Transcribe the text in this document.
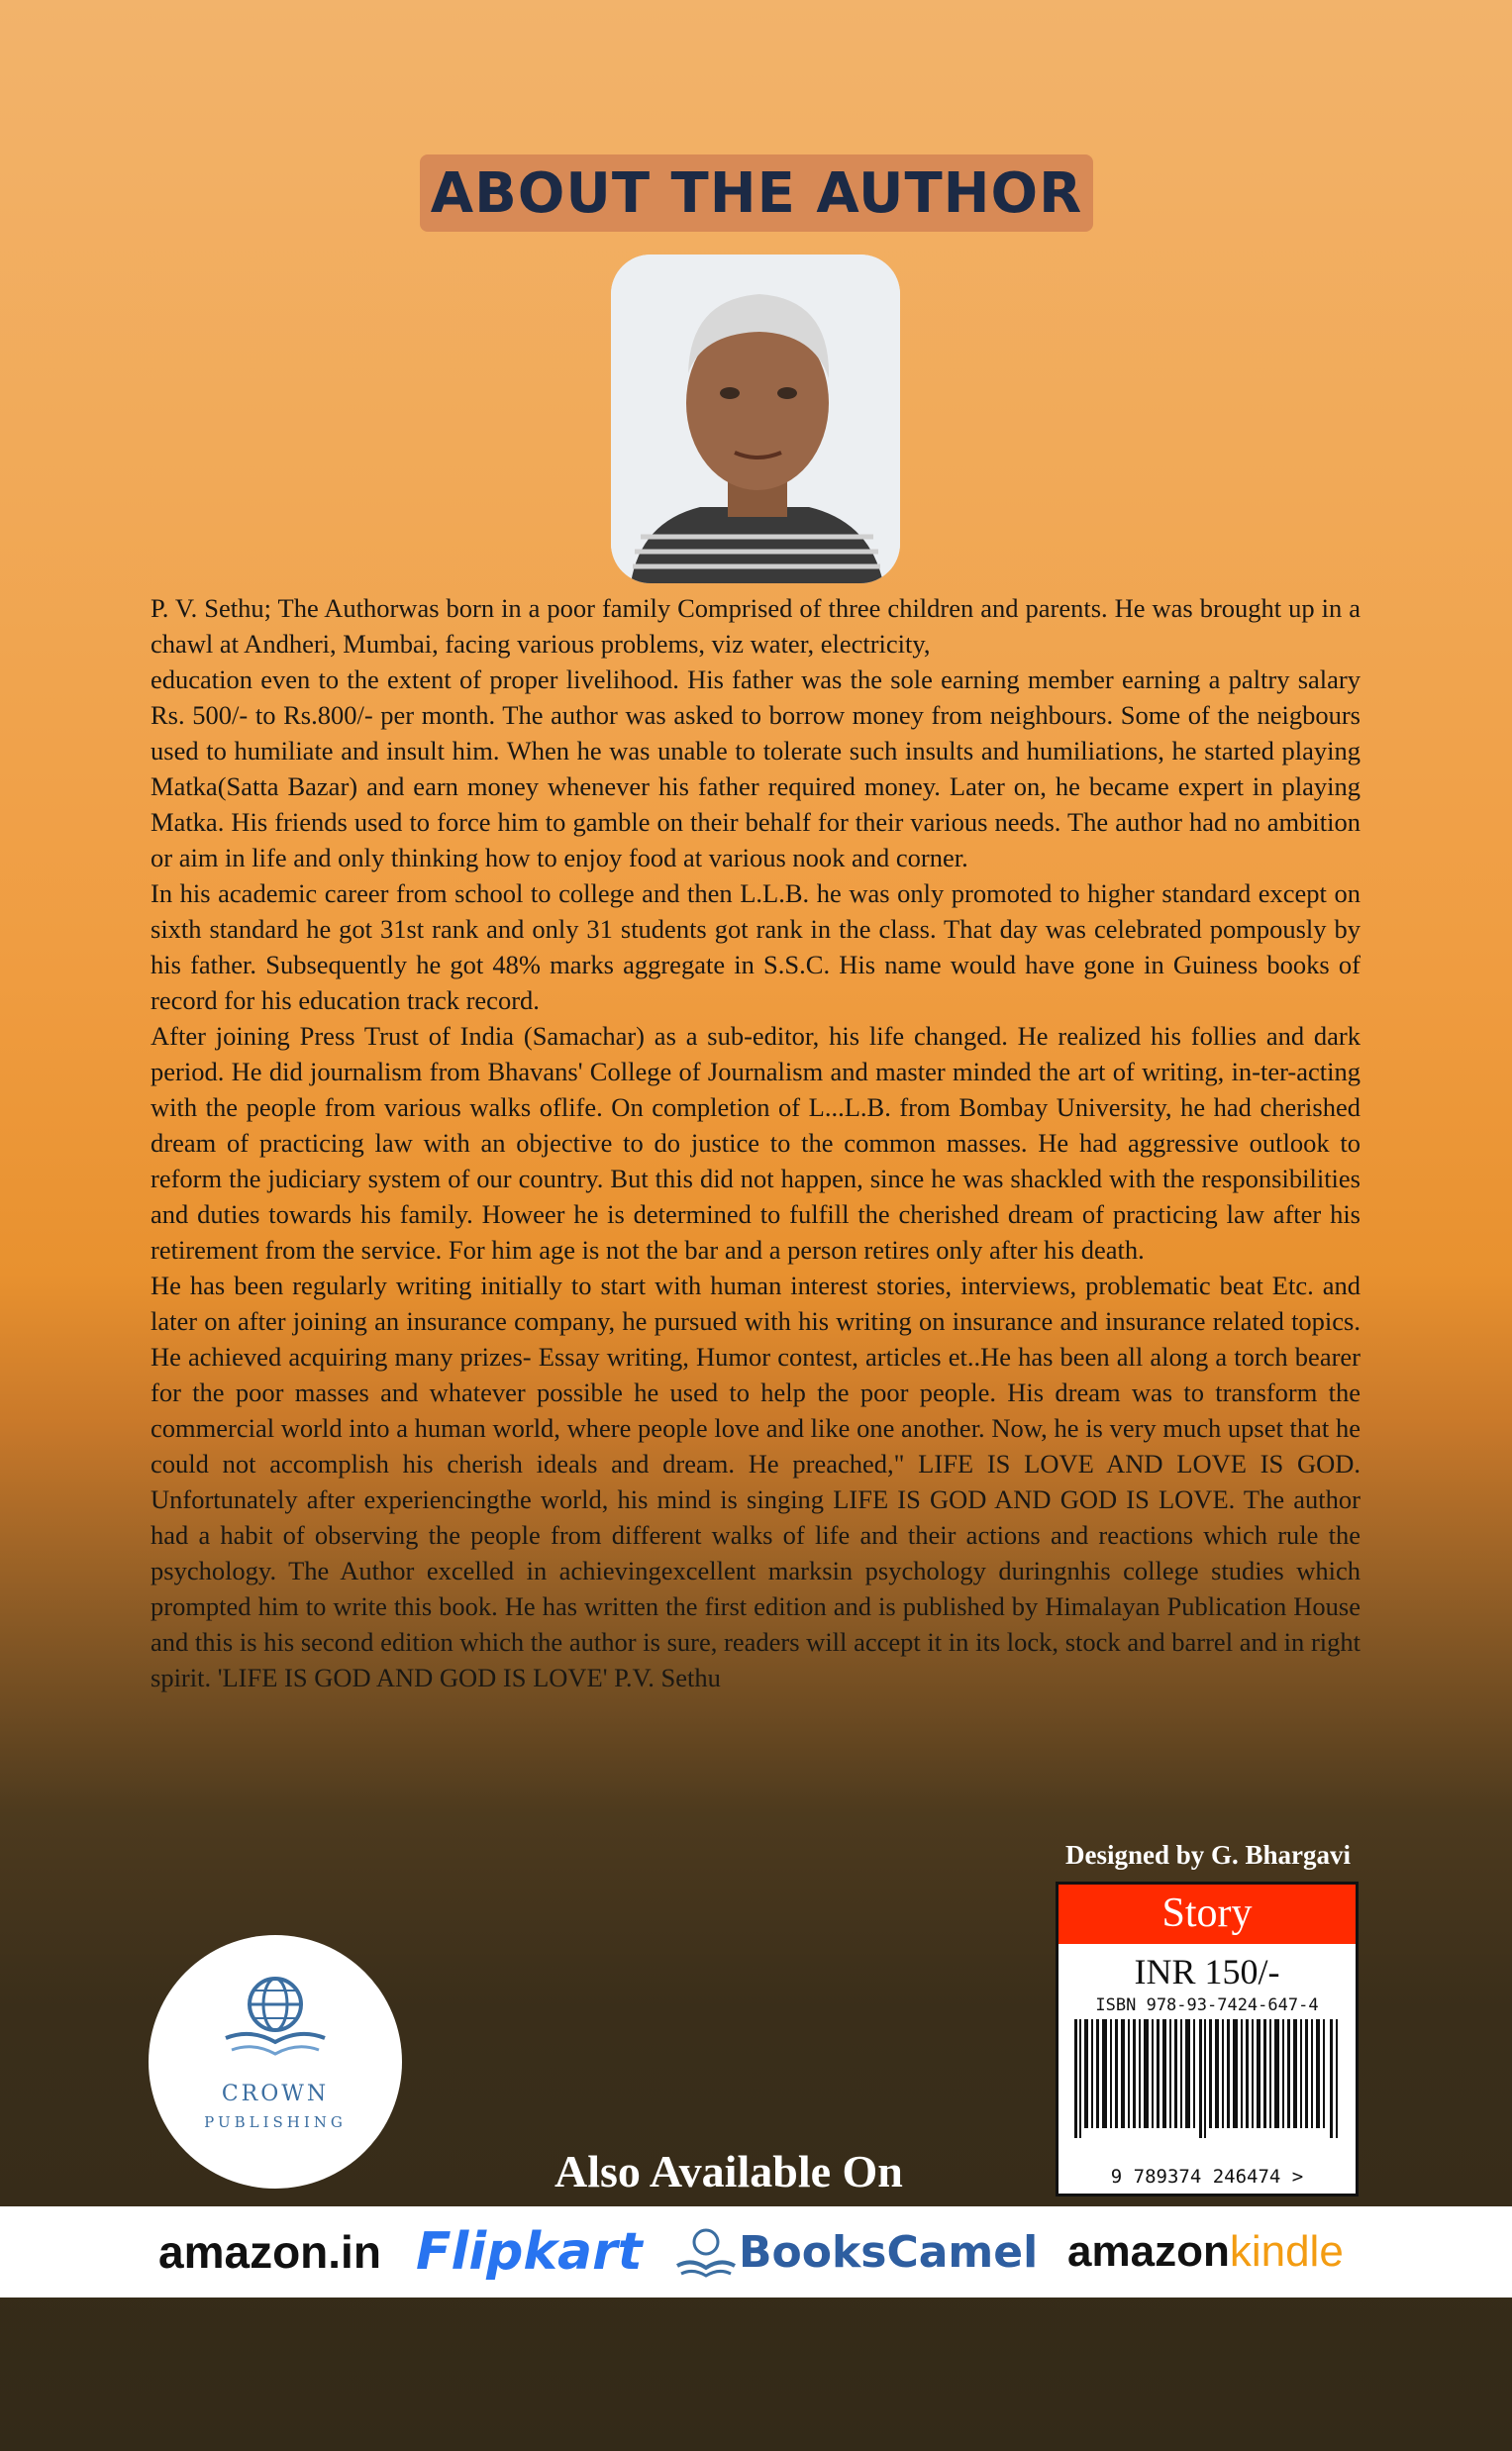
ABOUT THE AUTHOR

P. V. Sethu; The Authorwas born in a poor family Comprised of three children and parents. He was brought up in a chawl at Andheri, Mumbai, facing various problems, viz water, electricity,

education even to the extent of proper livelihood. His father was the sole earning member earning a paltry salary Rs. 500/- to Rs.800/- per month. The author was asked to borrow money from neighbours. Some of the neigbours used to humiliate and insult him. When he was unable to tolerate such insults and humiliations, he started playing Matka(Satta Bazar) and earn money whenever his father required money. Later on, he became expert in playing Matka. His friends used to force him to gamble on their behalf for their various needs. The author had no ambition or aim in life and only thinking how to enjoy food at various nook and corner.

In his academic career from school to college and then L.L.B. he was only promoted to higher standard except on sixth standard he got 31st rank and only 31 students got rank in the class. That day was celebrated pompously by his father. Subsequently he got 48% marks aggregate in S.S.C. His name would have gone in Guiness books of record for his education track record.

After joining Press Trust of India (Samachar) as a sub-editor, his life changed. He realized his follies and dark period. He did journalism from Bhavans' College of Journalism and master minded the art of writing, in-ter-acting with the people from various walks oflife. On completion of L...L.B. from Bombay University, he had cherished dream of practicing law with an objective to do justice to the common masses. He had aggressive outlook to reform the judiciary system of our country. But this did not happen, since he was shackled with the responsibilities and duties towards his family. Howeer he is determined to fulfill the cherished dream of practicing law after his retirement from the service. For him age is not the bar and a person retires only after his death.

He has been regularly writing initially to start with human interest stories, interviews, problematic beat Etc. and later on after joining an insurance company, he pursued with his writing on insurance and insurance related topics. He achieved acquiring many prizes- Essay writing, Humor contest, articles et..He has been all along a torch bearer for the poor masses and whatever possible he used to help the poor people. His dream was to transform the commercial world into a human world, where people love and like one another. Now, he is very much upset that he could not accomplish his cherish ideals and dream. He preached," LIFE IS LOVE AND LOVE IS GOD. Unfortunately after experiencingthe world, his mind is singing LIFE IS GOD AND GOD IS LOVE. The author had a habit of observing the people from different walks of life and their actions and reactions which rule the psychology. The Author excelled in achievingexcellent marksin psychology duringnhis college studies which prompted him to write this book. He has written the first edition and is published by Himalayan Publication House and this is his second edition which the author is sure, readers will accept it in its lock, stock and barrel and in right spirit. 'LIFE IS GOD AND GOD IS LOVE' P.V. Sethu

Designed by G. Bhargavi
Story
INR 150/-
ISBN 978-93-7424-647-4
9 789374 246474 >
CROWN
PUBLISHING
Also Available On
amazon.in Flipkart BooksCamel amazon kindle
